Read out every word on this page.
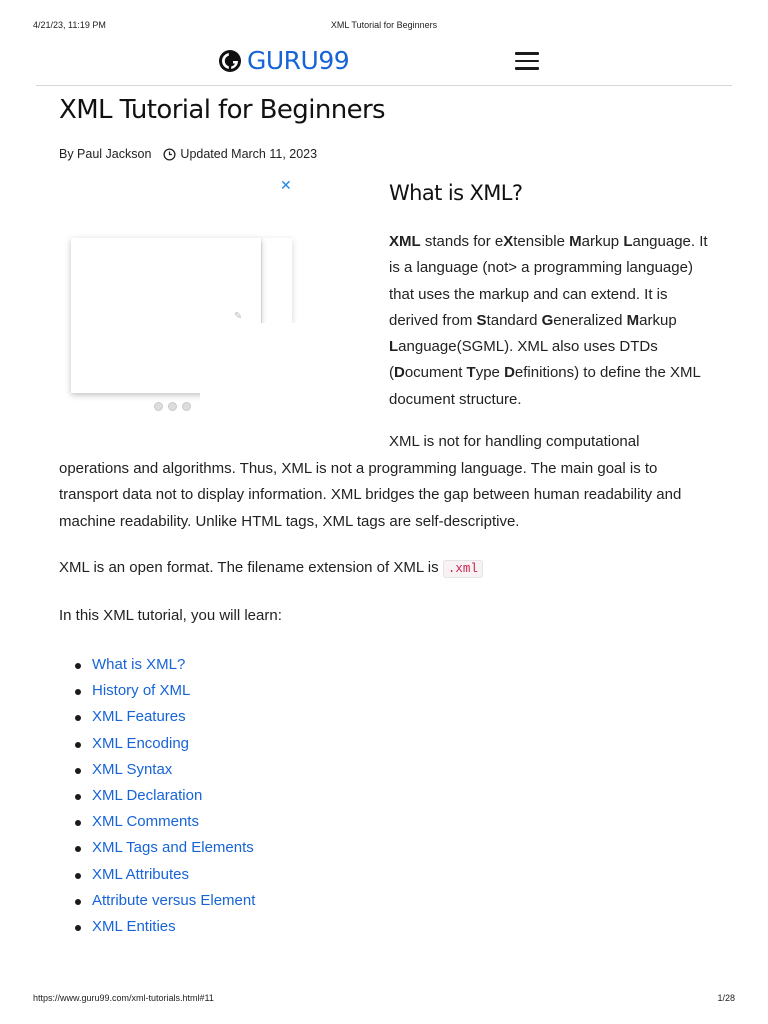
4/21/23, 11:19 PM	XML Tutorial for Beginners
GURU99
XML Tutorial for Beginners
By Paul Jackson Updated March 11, 2023
✕
✎
What is XML?
XML stands for eXtensible Markup Language. It is a language (not> a programming language) that uses the markup and can extend. It is derived from Standard Generalized Markup Language(SGML). XML also uses DTDs (Document Type Definitions) to define the XML document structure.

XML is not for handling computational operations and algorithms. Thus, XML is not a programming language. The main goal is to transport data not to display information. XML bridges the gap between human readability and machine readability. Unlike HTML tags, XML tags are self-descriptive.

XML is an open format. The filename extension of XML is .xml

In this XML tutorial, you will learn:

What is XML?
History of XML
XML Features
XML Encoding
XML Syntax
XML Declaration
XML Comments
XML Tags and Elements
XML Attributes
Attribute versus Element
XML Entities
https://www.guru99.com/xml-tutorials.html#11	1/28
